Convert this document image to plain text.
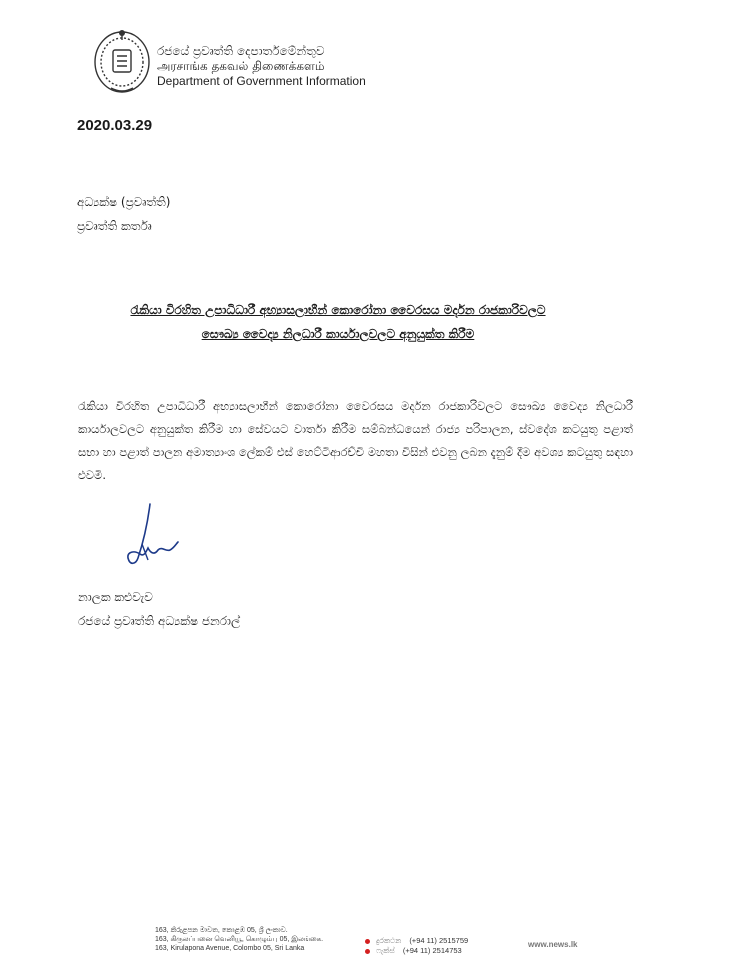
රජයේ ප්‍රවෘත්ති දෙපාර්තමේන්තුව
அரசாங்க தகவல் திணைக்களம்
Department of Government Information
2020.03.29
අධ්‍යක්ෂ (ප්‍රවෘත්ති)
ප්‍රවෘත්ති කර්තෘ
රැකියා විරහිත උපාධිධාරී අභ්‍යාසලාභීන් කොරෝනා වෛරසය මර්දන රාජකාරිවලට
සෞඛ්‍ය වෛද්‍ය නිලධාරී කාර්යාලවලට අනුයුක්ත කිරීම
රැකියා විරහිත උපාධිධාරී අභ්‍යාසලාභීන් කොරෝනා වෛරසය මර්දන රාජකාරිවලට සෞඛ්‍ය වෛද්‍ය නිලධාරී කාර්යාලවලට අනුයුක්ත කිරීම හා සේවයට වාර්තා කිරීම සම්බන්ධයෙන් රාජ්‍ය පරිපාලන, ස්වදේශ කටයුතු පළාත් සභා හා පළාත් පාලන අමාත්‍යාංශ ලේකම් එස් හෙට්ටිආරච්චි මහතා විසින් එවනු ලබන දැනුම් දීම අවශ්‍ය කටයුතු සඳහා එවමි.
නාලක කළුවැව
රජයේ ප්‍රවෘත්ති අධ්‍යක්ෂ ජනරාල්
163, කිරුළපන මාවත, කොළඹ 05, ශ්‍රී ලංකාව.
163, கிருலப்பனை வெனியூ, கொழும்பு 05, இலங்கை.
163, Kirulapona Avenue, Colombo 05, Sri Lanka
දුරකථන (+94 11) 2515759
ෆැක්ස් (+94 11) 2514753
www.news.lk
